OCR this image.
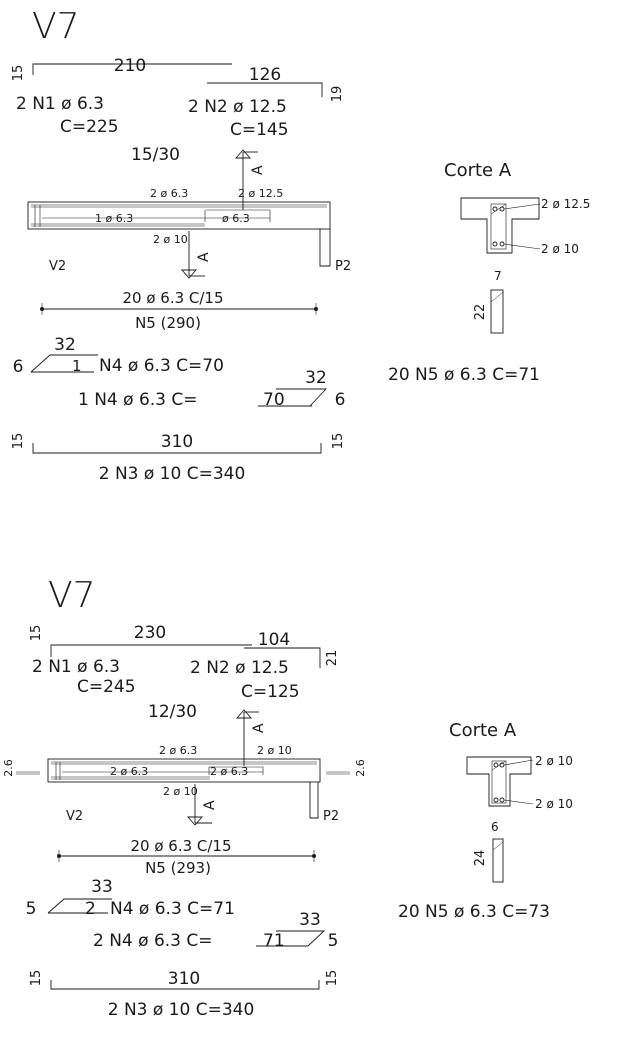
V7
15	210
2 N1 ø 6.3
C=225
126
19
2 N2 ø 12.5
C=145
15/30
A
2 ø 6.3	2 ø 12.5
1 ø 6.3	ø 6.3
2 ø 10
V2	P2
A
20 ø 6.3 C/15
N5 (290)
6
32
1 N4 ø 6.3 C=70
1 N4 ø 6.3 C=	70
32
6
15	310	15
2 N3 ø 10 C=340
Corte A
2 ø 12.5
2 ø 10
7
22
20 N5 ø 6.3 C=71
V7
15	230
2 N1 ø 6.3
C=245
104
21
2 N2 ø 12.5
C=125
12/30
A
2 ø 6.3	2 ø 10
2 ø 6.3	2 ø 6.3
2 ø 10
V2	P2
2.6	2.6
A
20 ø 6.3 C/15
N5 (293)
5
33
2 N4 ø 6.3 C=71
2 N4 ø 6.3 C=	71
33
5
15	310	15
2 N3 ø 10 C=340
Corte A
2 ø 10
2 ø 10
6
24
20 N5 ø 6.3 C=73
